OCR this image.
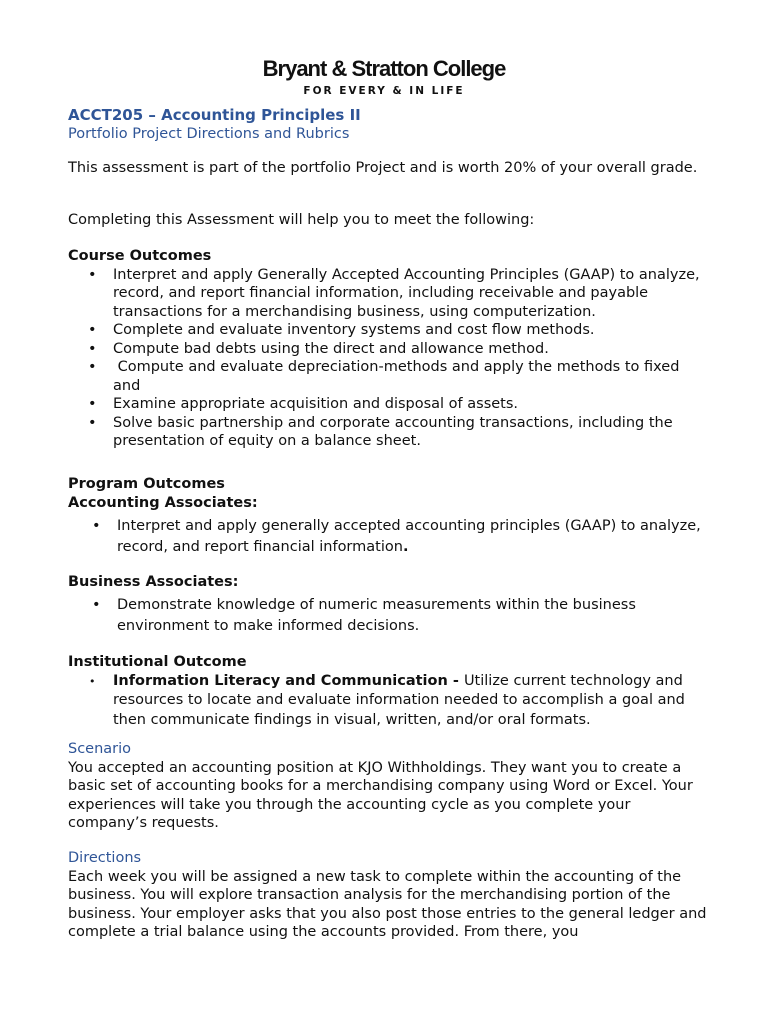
Bryant & Stratton College
FOR EVERY & IN LIFE

ACCT205 – Accounting Principles II

Portfolio Project Directions and Rubrics

This assessment is part of the portfolio Project and is worth 20% of your overall grade.

Completing this Assessment will help you to meet the following:

Course Outcomes

• Interpret and apply Generally Accepted Accounting Principles (GAAP) to analyze, record, and report financial information, including receivable and payable transactions for a merchandising business, using computerization.
• Complete and evaluate inventory systems and cost flow methods.
• Compute bad debts using the direct and allowance method.
•  Compute and evaluate depreciation-methods and apply the methods to fixed and
• Examine appropriate acquisition and disposal of assets.
• Solve basic partnership and corporate accounting transactions, including the presentation of equity on a balance sheet.

Program Outcomes

Accounting Associates:

• Interpret and apply generally accepted accounting principles (GAAP) to analyze, record, and report financial information.

Business Associates:

• Demonstrate knowledge of numeric measurements within the business environment to make informed decisions.

Institutional Outcome

• Information Literacy and Communication - Utilize current technology and resources to locate and evaluate information needed to accomplish a goal and then communicate findings in visual, written, and/or oral formats.

Scenario

You accepted an accounting position at KJO Withholdings. They want you to create a basic set of accounting books for a merchandising company using Word or Excel. Your experiences will take you through the accounting cycle as you complete your company’s requests.

Directions

Each week you will be assigned a new task to complete within the accounting of the business. You will explore transaction analysis for the merchandising portion of the business. Your employer asks that you also post those entries to the general ledger and complete a trial balance using the accounts provided. From there, you
